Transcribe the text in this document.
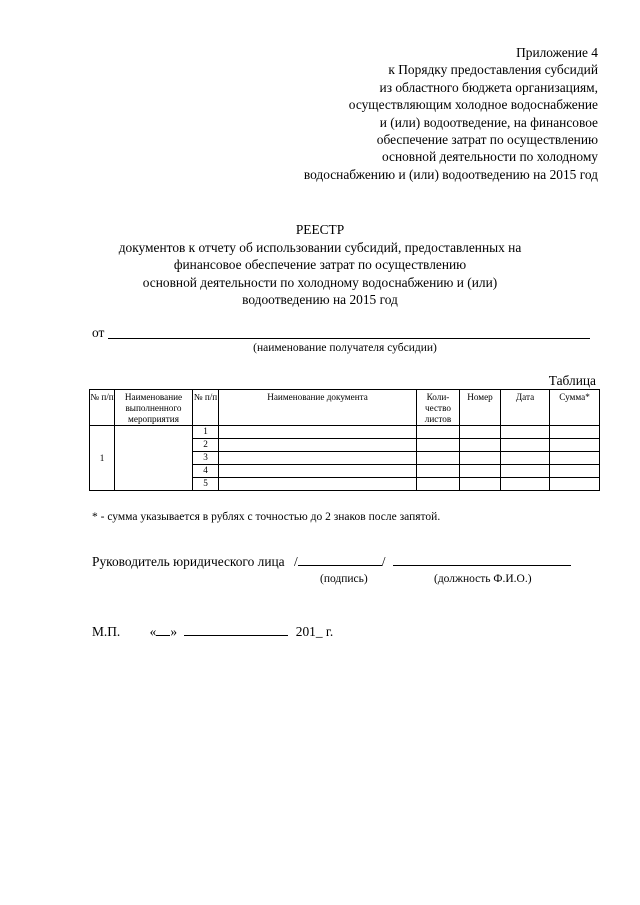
Приложение 4
к Порядку предоставления субсидий
из областного бюджета организациям,
осуществляющим холодное водоснабжение
и (или) водоотведение, на финансовое
обеспечение затрат по осуществлению
основной деятельности по холодному
водоснабжению и (или) водоотведению на 2015 год
РЕЕСТР
документов к отчету об использовании субсидий, предоставленных на
финансовое обеспечение затрат по осуществлению
основной деятельности по холодному водоснабжению и (или)
водоотведению на 2015 год
от
(наименование получателя субсидии)
Таблица
№ п/п	Наименование выполненного мероприятия	№ п/п	Наименование документа	Коли-чество листов	Номер	Дата	Сумма*
1		1					
		2					
		3					
		4					
		5					
* - сумма указывается в рублях с точностью до 2 знаков после запятой.
Руководитель юридического лица /	/
(подпись)	(должность Ф.И.О.)
М.П. « »	201_ г.
